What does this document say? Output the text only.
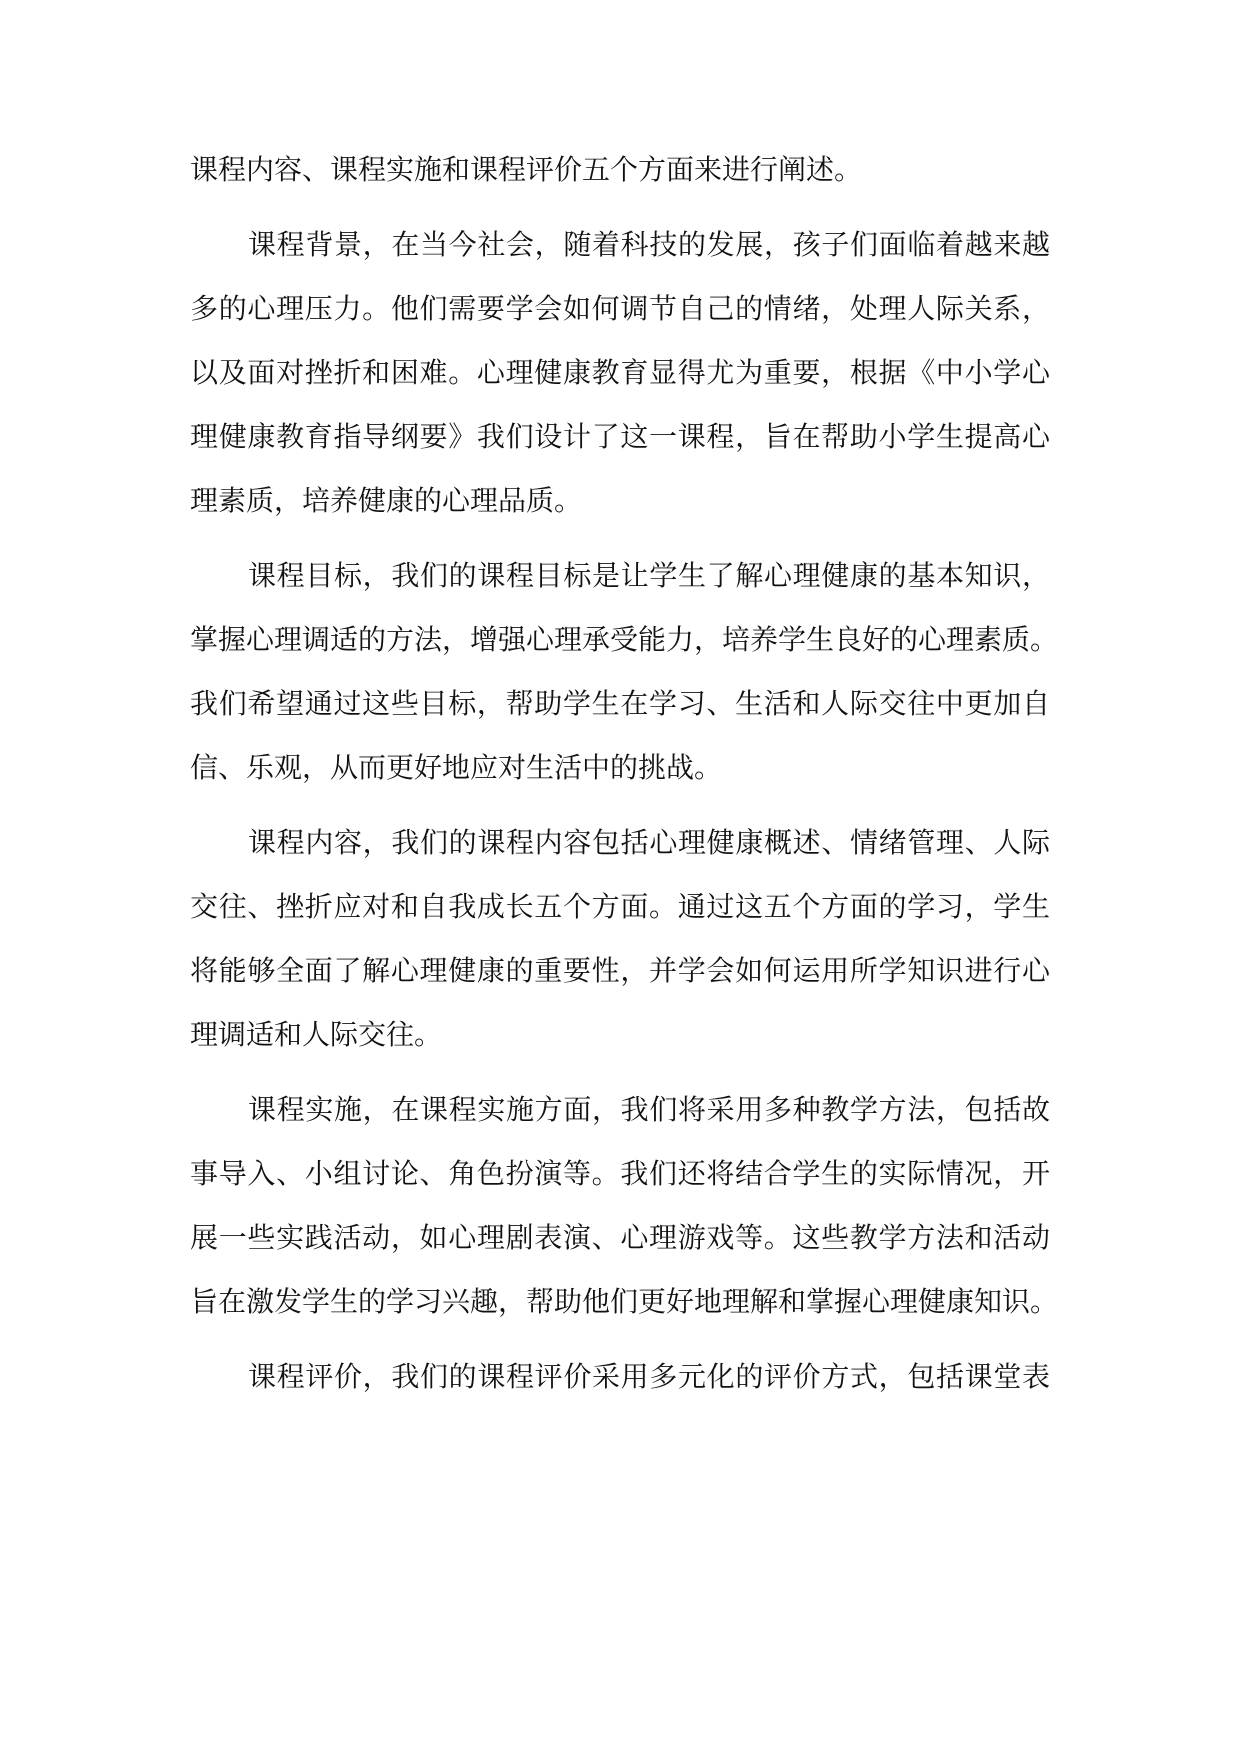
课程内容、课程实施和课程评价五个方面来进行阐述。
课程背景，在当今社会，随着科技的发展，孩子们面临着越来越
多的心理压力。他们需要学会如何调节自己的情绪，处理人际关系，
以及面对挫折和困难。心理健康教育显得尤为重要，根据《中小学心
理健康教育指导纲要》我们设计了这一课程，旨在帮助小学生提高心
理素质，培养健康的心理品质。
课程目标，我们的课程目标是让学生了解心理健康的基本知识，
掌握心理调适的方法，增强心理承受能力，培养学生良好的心理素质。
我们希望通过这些目标，帮助学生在学习、生活和人际交往中更加自
信、乐观，从而更好地应对生活中的挑战。
课程内容，我们的课程内容包括心理健康概述、情绪管理、人际
交往、挫折应对和自我成长五个方面。通过这五个方面的学习，学生
将能够全面了解心理健康的重要性，并学会如何运用所学知识进行心
理调适和人际交往。
课程实施，在课程实施方面，我们将采用多种教学方法，包括故
事导入、小组讨论、角色扮演等。我们还将结合学生的实际情况，开
展一些实践活动，如心理剧表演、心理游戏等。这些教学方法和活动
旨在激发学生的学习兴趣，帮助他们更好地理解和掌握心理健康知识。
课程评价，我们的课程评价采用多元化的评价方式，包括课堂表
